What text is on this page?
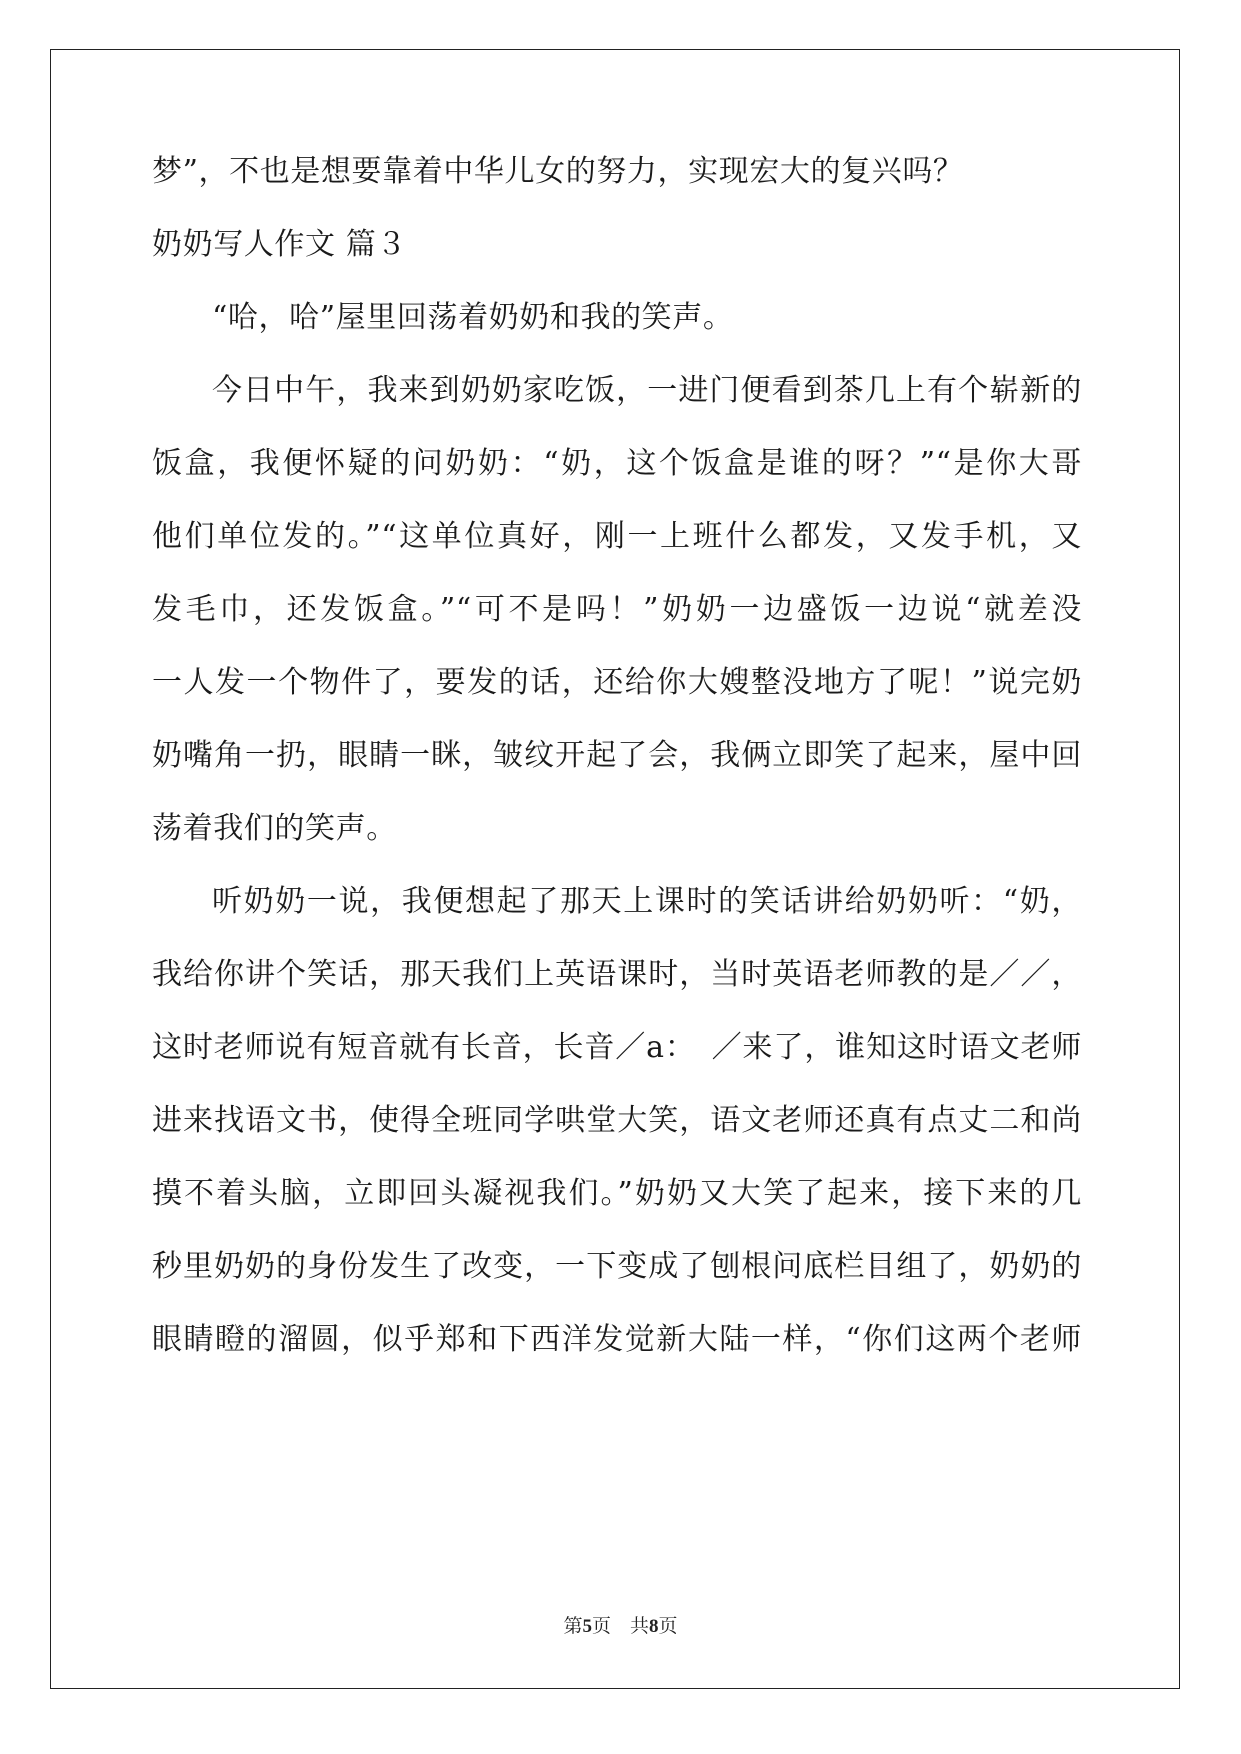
梦”，不也是想要靠着中华儿女的努力，实现宏大的复兴吗？
奶奶写人作文 篇３
“哈，哈”屋里回荡着奶奶和我的笑声。
今日中午，我来到奶奶家吃饭，一进门便看到茶几上有个崭新的
饭盒，我便怀疑的问奶奶：“奶，这个饭盒是谁的呀？”“是你大哥
他们单位发的。”“这单位真好，刚一上班什么都发，又发手机，又
发毛巾，还发饭盒。”“可不是吗！”奶奶一边盛饭一边说“就差没
一人发一个物件了，要发的话，还给你大嫂整没地方了呢！”说完奶
奶嘴角一扔，眼睛一眯，皱纹开起了会，我俩立即笑了起来，屋中回
荡着我们的笑声。
听奶奶一说，我便想起了那天上课时的笑话讲给奶奶听：“奶，
我给你讲个笑话，那天我们上英语课时，当时英语老师教的是／／，
这时老师说有短音就有长音，长音／a：　／来了，谁知这时语文老师
进来找语文书，使得全班同学哄堂大笑，语文老师还真有点丈二和尚
摸不着头脑，立即回头凝视我们。”奶奶又大笑了起来，接下来的几
秒里奶奶的身份发生了改变，一下变成了刨根问底栏目组了，奶奶的
眼睛瞪的溜圆，似乎郑和下西洋发觉新大陆一样，“你们这两个老师
第5页　共8页
